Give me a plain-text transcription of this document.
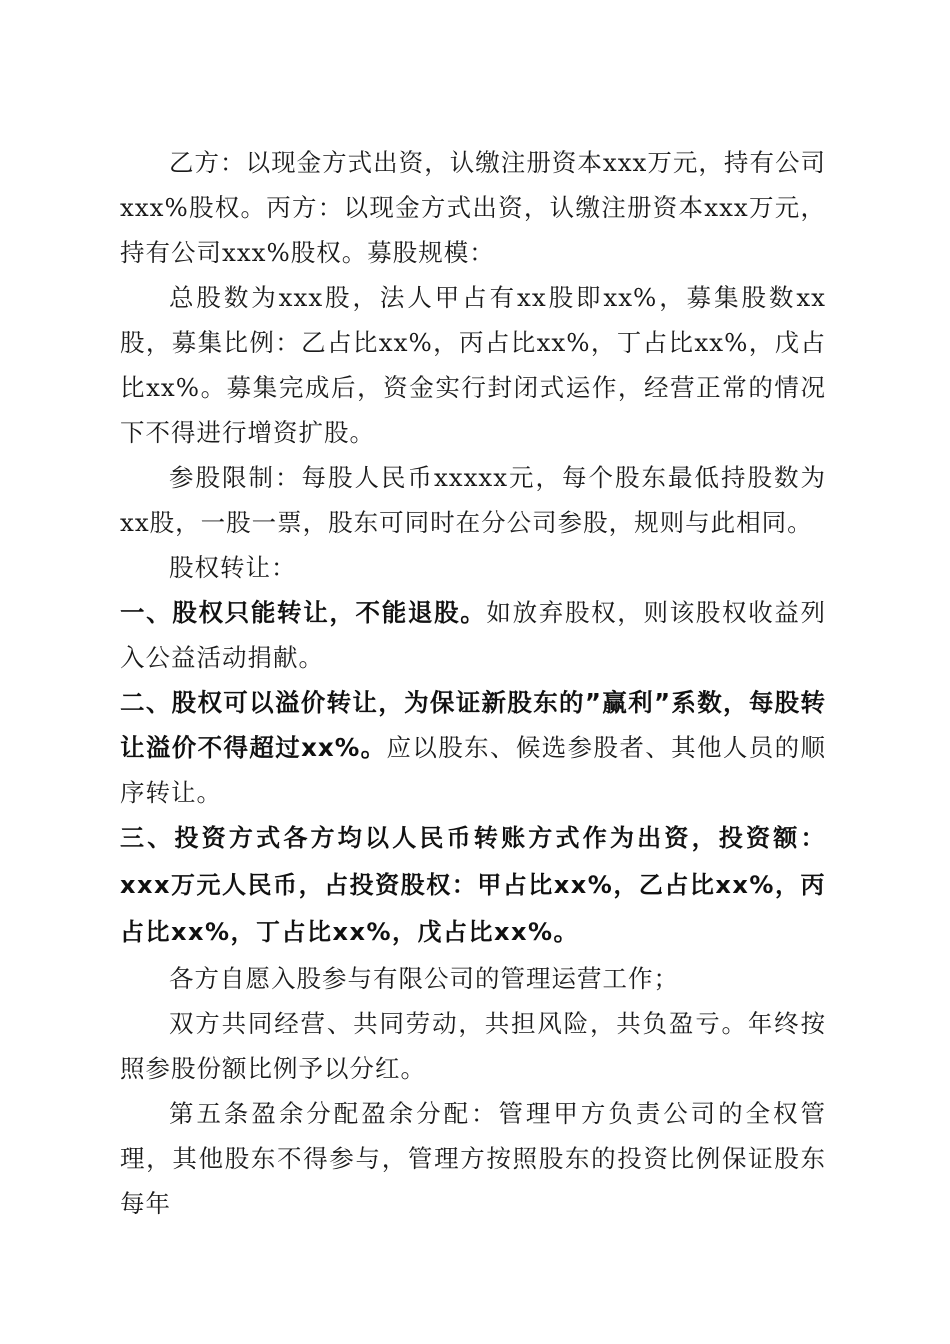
乙方：以现金方式出资，认缴注册资本xxx万元，持有公司xxx%股权。丙方：以现金方式出资，认缴注册资本xxx万元，持有公司xxx%股权。募股规模：

总股数为xxx股，法人甲占有xx股即xx%，募集股数xx股，募集比例：乙占比xx%，丙占比xx%，丁占比xx%，戊占比xx%。募集完成后，资金实行封闭式运作，经营正常的情况下不得进行增资扩股。

参股限制：每股人民币xxxxx元，每个股东最低持股数为xx股，一股一票，股东可同时在分公司参股，规则与此相同。

股权转让：

一、股权只能转让，不能退股。如放弃股权，则该股权收益列入公益活动捐献。

二、股权可以溢价转让，为保证新股东的”赢利”系数，每股转让溢价不得超过xx%。应以股东、候选参股者、其他人员的顺序转让。

三、投资方式各方均以人民币转账方式作为出资，投资额：xxx万元人民币，占投资股权：甲占比xx%，乙占比xx%，丙占比xx%，丁占比xx%，戊占比xx%。

各方自愿入股参与有限公司的管理运营工作；

双方共同经营、共同劳动，共担风险，共负盈亏。年终按照参股份额比例予以分红。

第五条盈余分配盈余分配：管理甲方负责公司的全权管理，其他股东不得参与，管理方按照股东的投资比例保证股东每年
